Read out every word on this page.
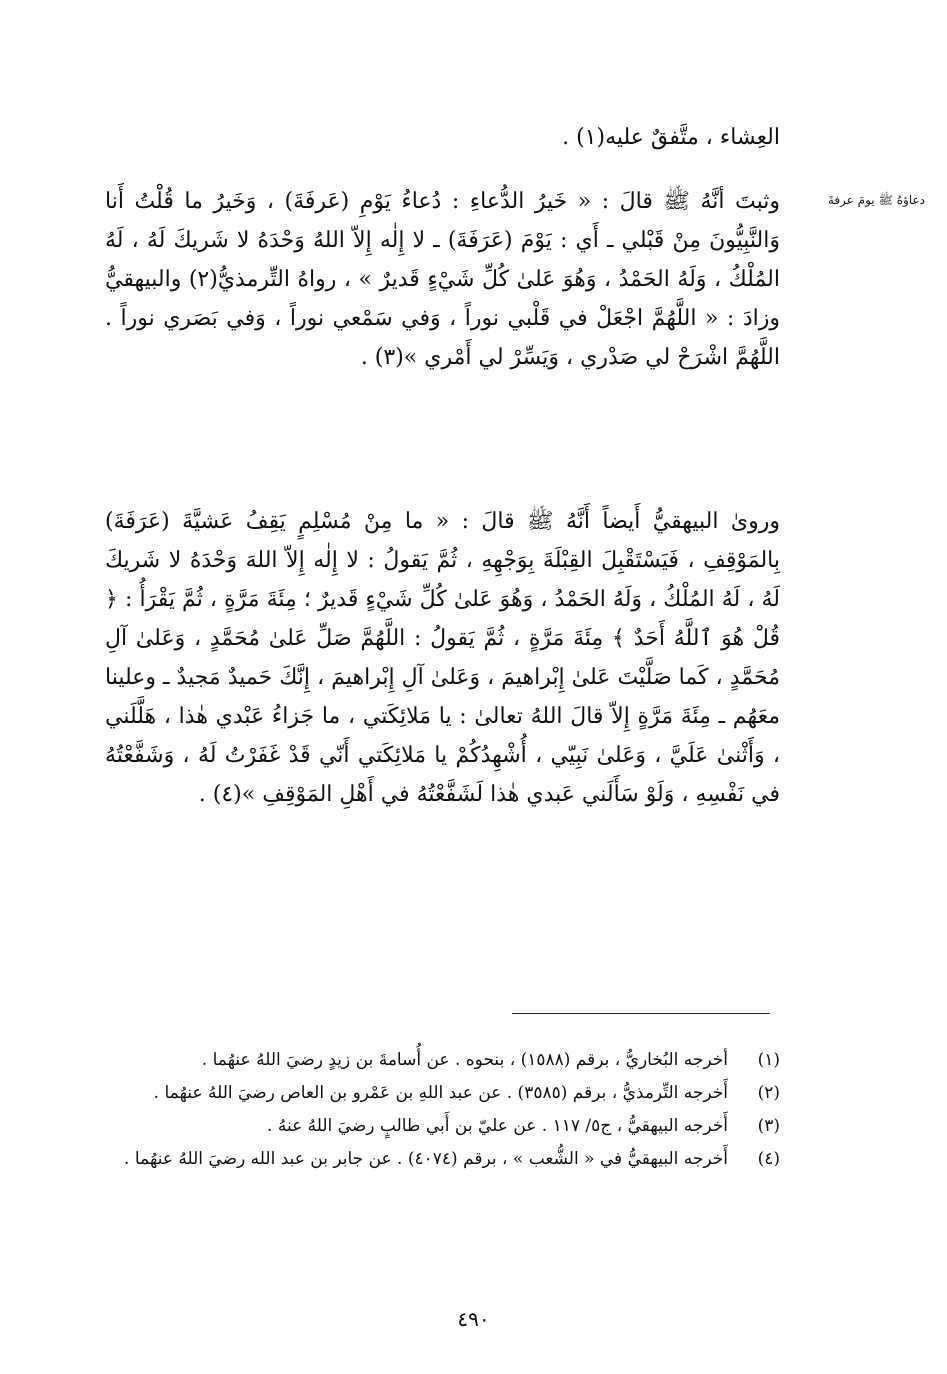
دعاؤهُ ﷺ يومَ عرفةَ

العِشاء ، متَّفقٌ عليه(١) .

وثبتَ أنَّهُ ﷺ قالَ : « خَيرُ الدُّعاءِ : دُعاءُ يَوْمِ (عَرفَةَ) ، وَخَيرُ ما قُلْتُ أَنا وَالنَّبِيُّونَ مِنْ قَبْلي ـ أَي : يَوْمَ (عَرَفَةَ) ـ لا إِلٰه إِلاّ اللهُ وَحْدَهُ لا شَريكَ لَهُ ، لَهُ المُلْكُ ، وَلَهُ الحَمْدُ ، وَهُوَ عَلىٰ كُلِّ شَيْءٍ قَديرٌ » ، رواهُ التِّرمذيُّ(٢) والبيهقيُّ وزادَ : « اللَّهُمَّ اجْعَلْ في قَلْبي نوراً ، وَفي سَمْعي نوراً ، وَفي بَصَري نوراً . اللَّهُمَّ اشْرَحْ لي صَدْري ، وَيَسِّرْ لي أَمْري »(٣) .

وروىٰ البيهقيُّ أَيضاً أَنَّهُ ﷺ قالَ : « ما مِنْ مُسْلِمٍ يَقِفُ عَشيَّةَ (عَرَفَةَ) بِالمَوْقِفِ ، فَيَسْتَقْبِلَ القِبْلَةَ بِوَجْهِهِ ، ثُمَّ يَقولُ : لا إِلٰه إِلاّ اللهَ وَحْدَهُ لا شَريكَ لَهُ ، لَهُ المُلْكُ ، وَلَهُ الحَمْدُ ، وَهُوَ عَلىٰ كُلِّ شَيْءٍ قَديرٌ ؛ مِئَةَ مَرَّةٍ ، ثُمَّ يَقْرَأُ : ﴿ قُلْ هُوَ ٱللَّهُ أَحَدٌ ﴾ مِئَةَ مَرَّةٍ ، ثُمَّ يَقولُ : اللَّهُمَّ صَلِّ عَلىٰ مُحَمَّدٍ ، وَعَلىٰ آلِ مُحَمَّدٍ ، كَما صَلَّيْتَ عَلىٰ إِبْراهيمَ ، وَعَلىٰ آلِ إِبْراهيمَ ، إِنَّكَ حَميدٌ مَجيدٌ ـ وعلينا معَهُم ـ مِئَةَ مَرَّةٍ إِلاّ قالَ اللهُ تعالىٰ : يا مَلائِكَتي ، ما جَزاءُ عَبْدي هٰذا ، هَلَّلَني ، وَأَثْنىٰ عَلَيَّ ، وَعَلىٰ نَبِيّي ، أُشْهِدُكُمْ يا مَلائِكَتي أَنّي قَدْ غَفَرْتُ لَهُ ، وَشَفَّعْتُهُ في نَفْسِهِ ، وَلَوْ سَأَلَني عَبدي هٰذا لَشَفَّعْتُهُ في أَهْلِ المَوْقِفِ »(٤) .

(١)
أخرجه البُخاريُّ ، برقم (١٥٨٨) ، بنحوه . عن أُسامةَ بن زيدٍ رضيَ اللهُ عنهُما .
(٢)
أَخرجه التِّرمذيُّ ، برقم (٣٥٨٥) . عن عبد اللهِ بن عَمْرو بن العاص رضيَ اللهُ عنهُما .
(٣)
أَخرجه البيهقيُّ ، ج٥/ ١١٧ . عن عليّ بن أَبي طالبٍ رضيَ اللهُ عنهُ .
(٤)
أَخرجه البيهقيُّ في « الشُّعب » ، برقم (٤٠٧٤) . عن جابر بن عبد الله رضيَ اللهُ عنهُما .
٤٩٠
